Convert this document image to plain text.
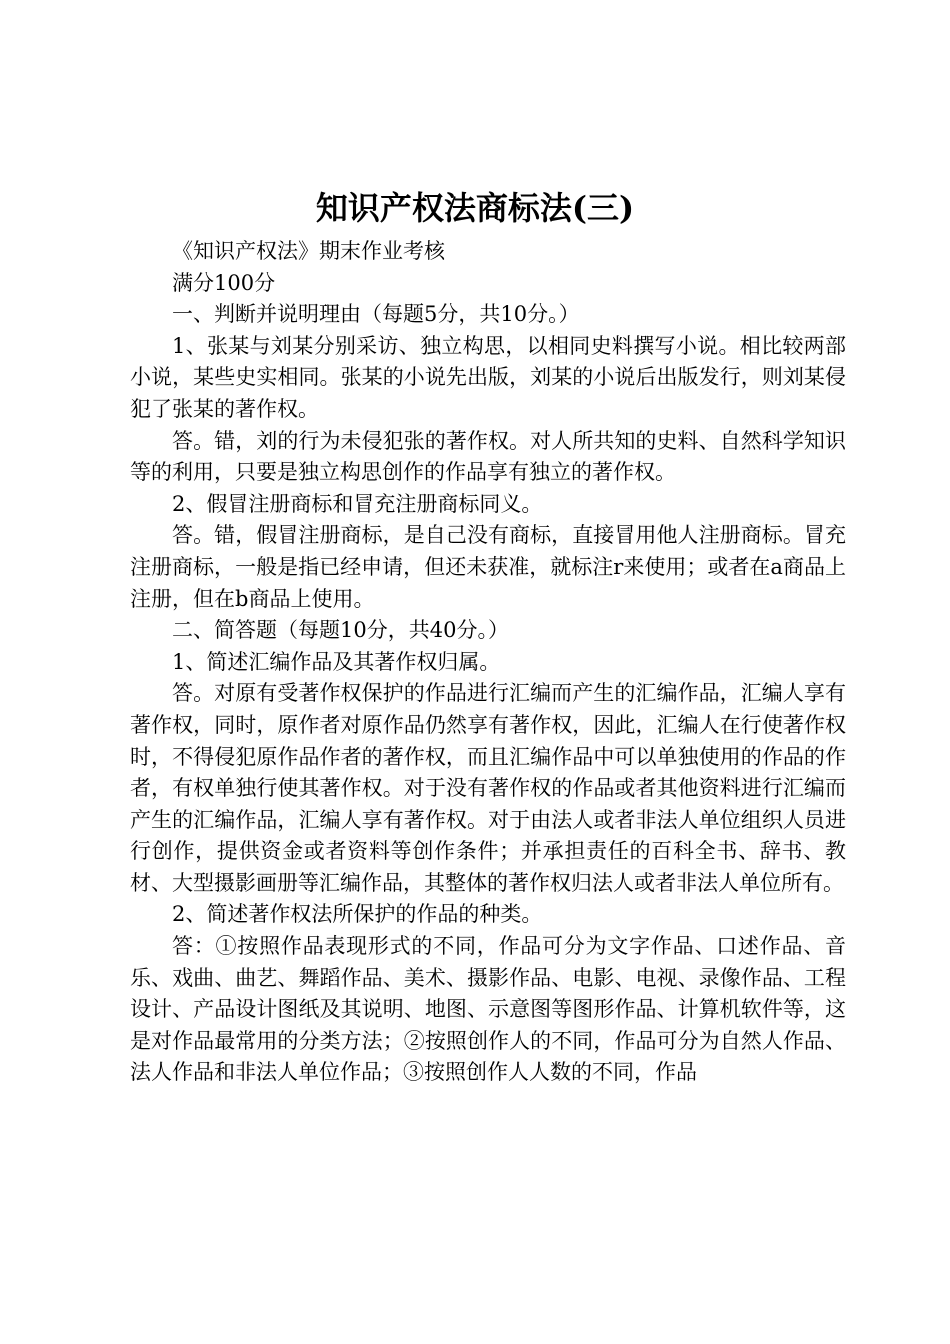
知识产权法商标法(三)

《知识产权法》期末作业考核

满分100分

一、判断并说明理由（每题5分，共10分。）

1、张某与刘某分别采访、独立构思，以相同史料撰写小说。相比较两部小说，某些史实相同。张某的小说先出版，刘某的小说后出版发行，则刘某侵犯了张某的著作权。

答。错，刘的行为未侵犯张的著作权。对人所共知的史料、自然科学知识等的利用，只要是独立构思创作的作品享有独立的著作权。

2、假冒注册商标和冒充注册商标同义。

答。错，假冒注册商标，是自己没有商标，直接冒用他人注册商标。冒充注册商标，一般是指已经申请，但还未获准，就标注r来使用；或者在a商品上注册，但在b商品上使用。

二、简答题（每题10分，共40分。）

1、简述汇编作品及其著作权归属。

答。对原有受著作权保护的作品进行汇编而产生的汇编作品，汇编人享有著作权，同时，原作者对原作品仍然享有著作权，因此，汇编人在行使著作权时，不得侵犯原作品作者的著作权，而且汇编作品中可以单独使用的作品的作者，有权单独行使其著作权。对于没有著作权的作品或者其他资料进行汇编而产生的汇编作品，汇编人享有著作权。对于由法人或者非法人单位组织人员进行创作，提供资金或者资料等创作条件；并承担责任的百科全书、辞书、教材、大型摄影画册等汇编作品，其整体的著作权归法人或者非法人单位所有。

2、简述著作权法所保护的作品的种类。

答：①按照作品表现形式的不同，作品可分为文字作品、口述作品、音乐、戏曲、曲艺、舞蹈作品、美术、摄影作品、电影、电视、录像作品、工程设计、产品设计图纸及其说明、地图、示意图等图形作品、计算机软件等，这是对作品最常用的分类方法；②按照创作人的不同，作品可分为自然人作品、法人作品和非法人单位作品；③按照创作人人数的不同，作品
